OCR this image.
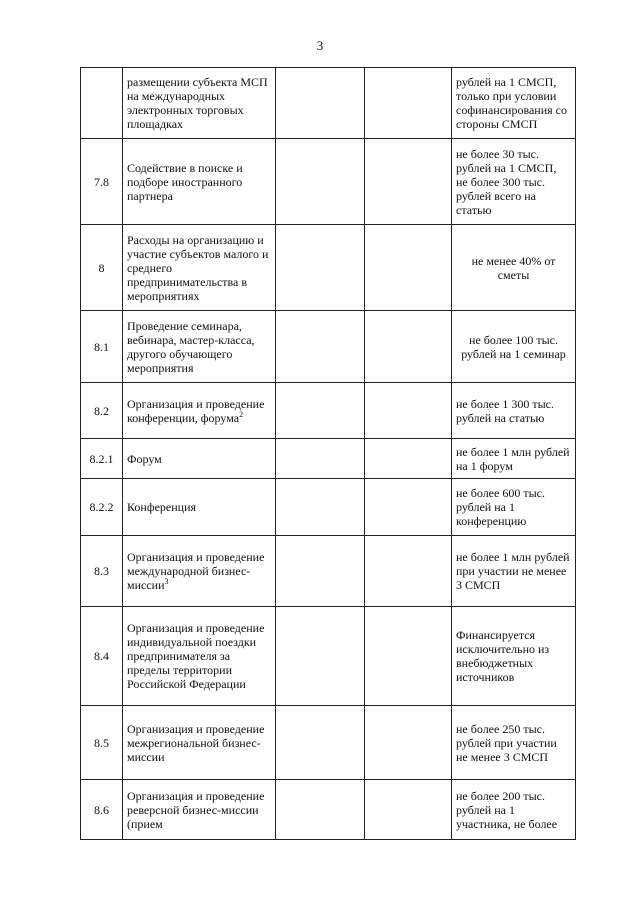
3
	размещении субъекта МСП на международных электронных торговых площадках			рублей на 1 СМСП, только при условии софинансирования со стороны СМСП
7.8	Содействие в поиске и подборе иностранного партнера			не более 30 тыс. рублей на 1 СМСП, не более 300 тыс. рублей всего на статью
8	Расходы на организацию и участие субъектов малого и среднего предпринимательства в мероприятиях			не менее 40% от сметы
8.1	Проведение семинара, вебинара, мастер-класса, другого обучающего мероприятия			не более 100 тыс. рублей на 1 семинар
8.2	Организация и проведение конференции, форума$^2$			не более 1 300 тыс. рублей на статью
8.2.1	Форум			не более 1 млн рублей на 1 форум
8.2.2	Конференция			не более 600 тыс. рублей на 1 конференцию
8.3	Организация и проведение международной бизнес-миссии$^3$			не более 1 млн рублей при участии не менее 3 СМСП
8.4	Организация и проведение индивидуальной поездки предпринимателя за пределы территории Российской Федерации			Финансируется исключительно из внебюджетных источников
8.5	Организация и проведение межрегиональной бизнес-миссии			не более 250 тыс. рублей при участии не менее 3 СМСП
8.6	Организация и проведение реверсной бизнес-миссии (прием			не более 200 тыс. рублей на 1 участника, не более
